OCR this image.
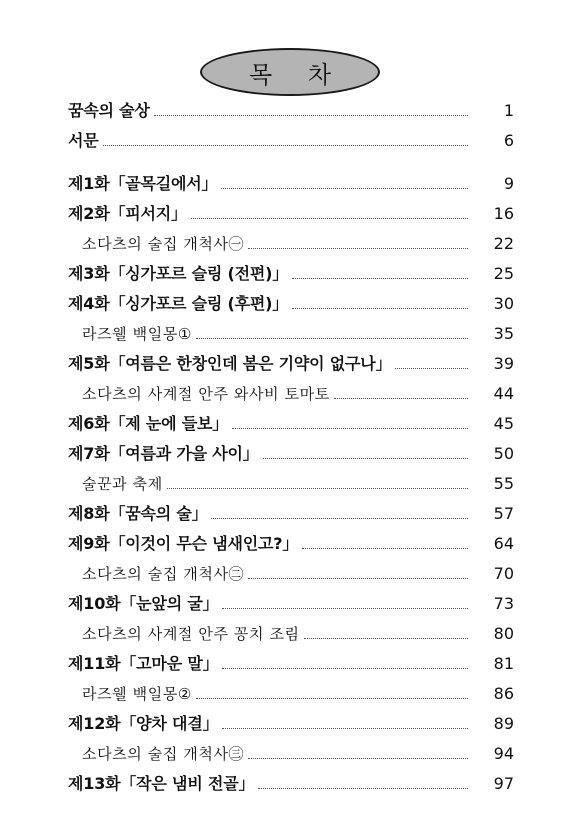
목 차
꿈속의 술상	1
서문	6
제1화「골목길에서」	9
제2화「피서지」	16
소다츠의 술집 개척사㊀	22
제3화「싱가포르 슬링 (전편)」	25
제4화「싱가포르 슬링 (후편)」	30
라즈웰 백일몽①	35
제5화「여름은 한창인데 봄은 기약이 없구나」	39
소다츠의 사계절 안주 와사비 토마토	44
제6화「제 눈에 들보」	45
제7화「여름과 가을 사이」	50
술꾼과 축제	55
제8화「꿈속의 술」	57
제9화「이것이 무슨 냄새인고?」	64
소다츠의 술집 개척사㊁	70
제10화「눈앞의 굴」	73
소다츠의 사계절 안주 꽁치 조림	80
제11화「고마운 말」	81
라즈웰 백일몽②	86
제12화「양차 대결」	89
소다츠의 술집 개척사㊂	94
제13화「작은 냄비 전골」	97
